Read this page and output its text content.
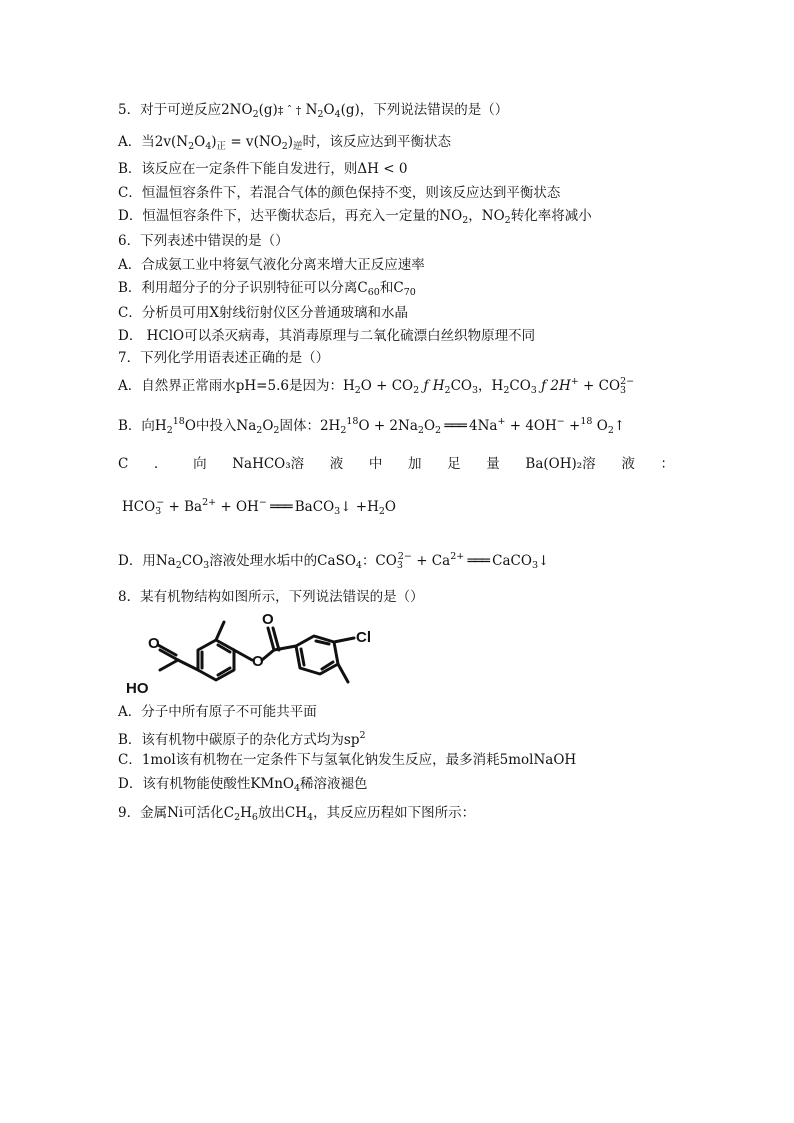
5．对于可逆反应$2NO_2(g)\ddagger$ ˆ † $N_2O_4(g)$，下列说法错误的是（）
A．当$2v(N_2O_4)_正 = v(NO_2)_逆$时，该反应达到平衡状态
B．该反应在一定条件下能自发进行，则ΔH < 0
C．恒温恒容条件下，若混合气体的颜色保持不变，则该反应达到平衡状态
D．恒温恒容条件下，达平衡状态后，再充入一定量的$NO_2$，$NO_2$转化率将减小
6．下列表述中错误的是（）
A．合成氨工业中将氨气液化分离来增大正反应速率
B．利用超分子的分子识别特征可以分离$C_{60}$和$C_{70}$
C．分析员可用X射线衍射仪区分普通玻璃和水晶
D． HClO可以杀灭病毒，其消毒原理与二氧化硫漂白丝织物原理不同
7．下列化学用语表述正确的是（）
A．自然界正常雨水pH=5.6是因为：$H_2O + CO_2$ ƒ $H_2CO_3$，$H_2CO_3$ ƒ $2H^+ + CO_3^{2-}$
B．向$H_2^{18}O$中投入$Na_2O_2$固体：$2H_2^{18}O + 2Na_2O_2$ ═══ 4Na+ + 4OH− +$^{18}$ $O_2↑$
C ． 向 NaHCO₃溶 液 中 加 足 量 Ba(OH)₂溶 液 ：
$HCO_3^- + Ba^{2+} + OH^-$ ═══ BaCO$_3$↓ $+H_2O$
D．用$Na_2CO_3$溶液处理水垢中的CaSO$_4$：$CO_3^{2-} + Ca^{2+}$ ═══ CaCO$_3$↓
8．某有机物结构如图所示，下列说法错误的是（）
O
HO
O
O
Cl
A．分子中所有原子不可能共平面
B．该有机物中碳原子的杂化方式均为$sp^2$
C．1mol该有机物在一定条件下与氢氧化钠发生反应，最多消耗5molNaOH
D．该有机物能使酸性KMnO$_4$稀溶液褪色
9．金属Ni可活化$C_2H_6$放出$CH_4$，其反应历程如下图所示：
